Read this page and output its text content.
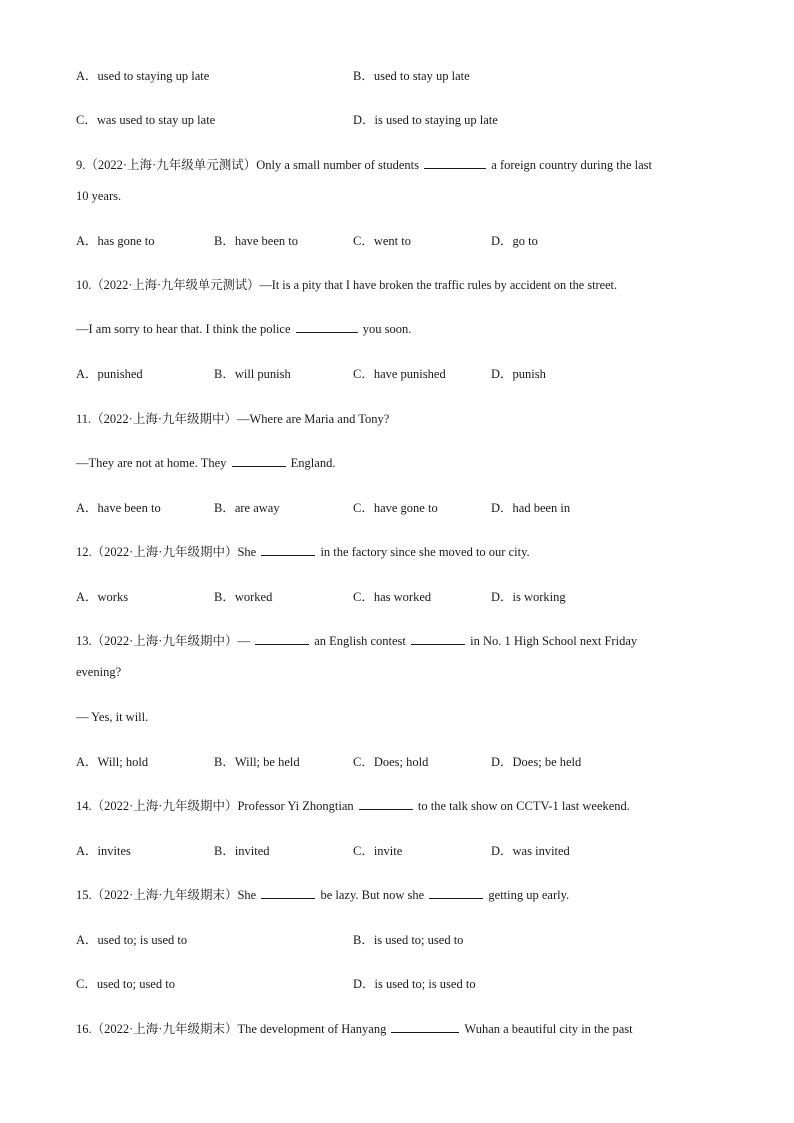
A．used to staying up late	B．used to stay up late
C．was used to stay up late	D．is used to staying up late
9.（2022·上海·九年级单元测试）Only a small number of students	a foreign country during the last
10 years.
A．has gone to	B．have been to	C．went to	D．go to
10.（2022·上海·九年级单元测试）—It is a pity that I have broken the traffic rules by accident on the street.
—I am sorry to hear that. I think the police	you soon.
A．punished	B．will punish	C．have punished	D．punish
11.（2022·上海·九年级期中）—Where are Maria and Tony?
—They are not at home. They	England.
A．have been to	B．are away	C．have gone to	D．had been in
12.（2022·上海·九年级期中）She	in the factory since she moved to our city.
A．works	B．worked	C．has worked	D．is working
13.（2022·上海·九年级期中）—	an English contest	in No. 1 High School next Friday
evening?
— Yes, it will.
A．Will; hold	B．Will; be held	C．Does; hold	D．Does; be held
14.（2022·上海·九年级期中）Professor Yi Zhongtian	to the talk show on CCTV-1 last weekend.
A．invites	B．invited	C．invite	D．was invited
15.（2022·上海·九年级期末）She	be lazy. But now she	getting up early.
A．used to; is used to	B．is used to; used to
C．used to; used to	D．is used to; is used to
16.（2022·上海·九年级期末）The development of Hanyang	Wuhan a beautiful city in the past
